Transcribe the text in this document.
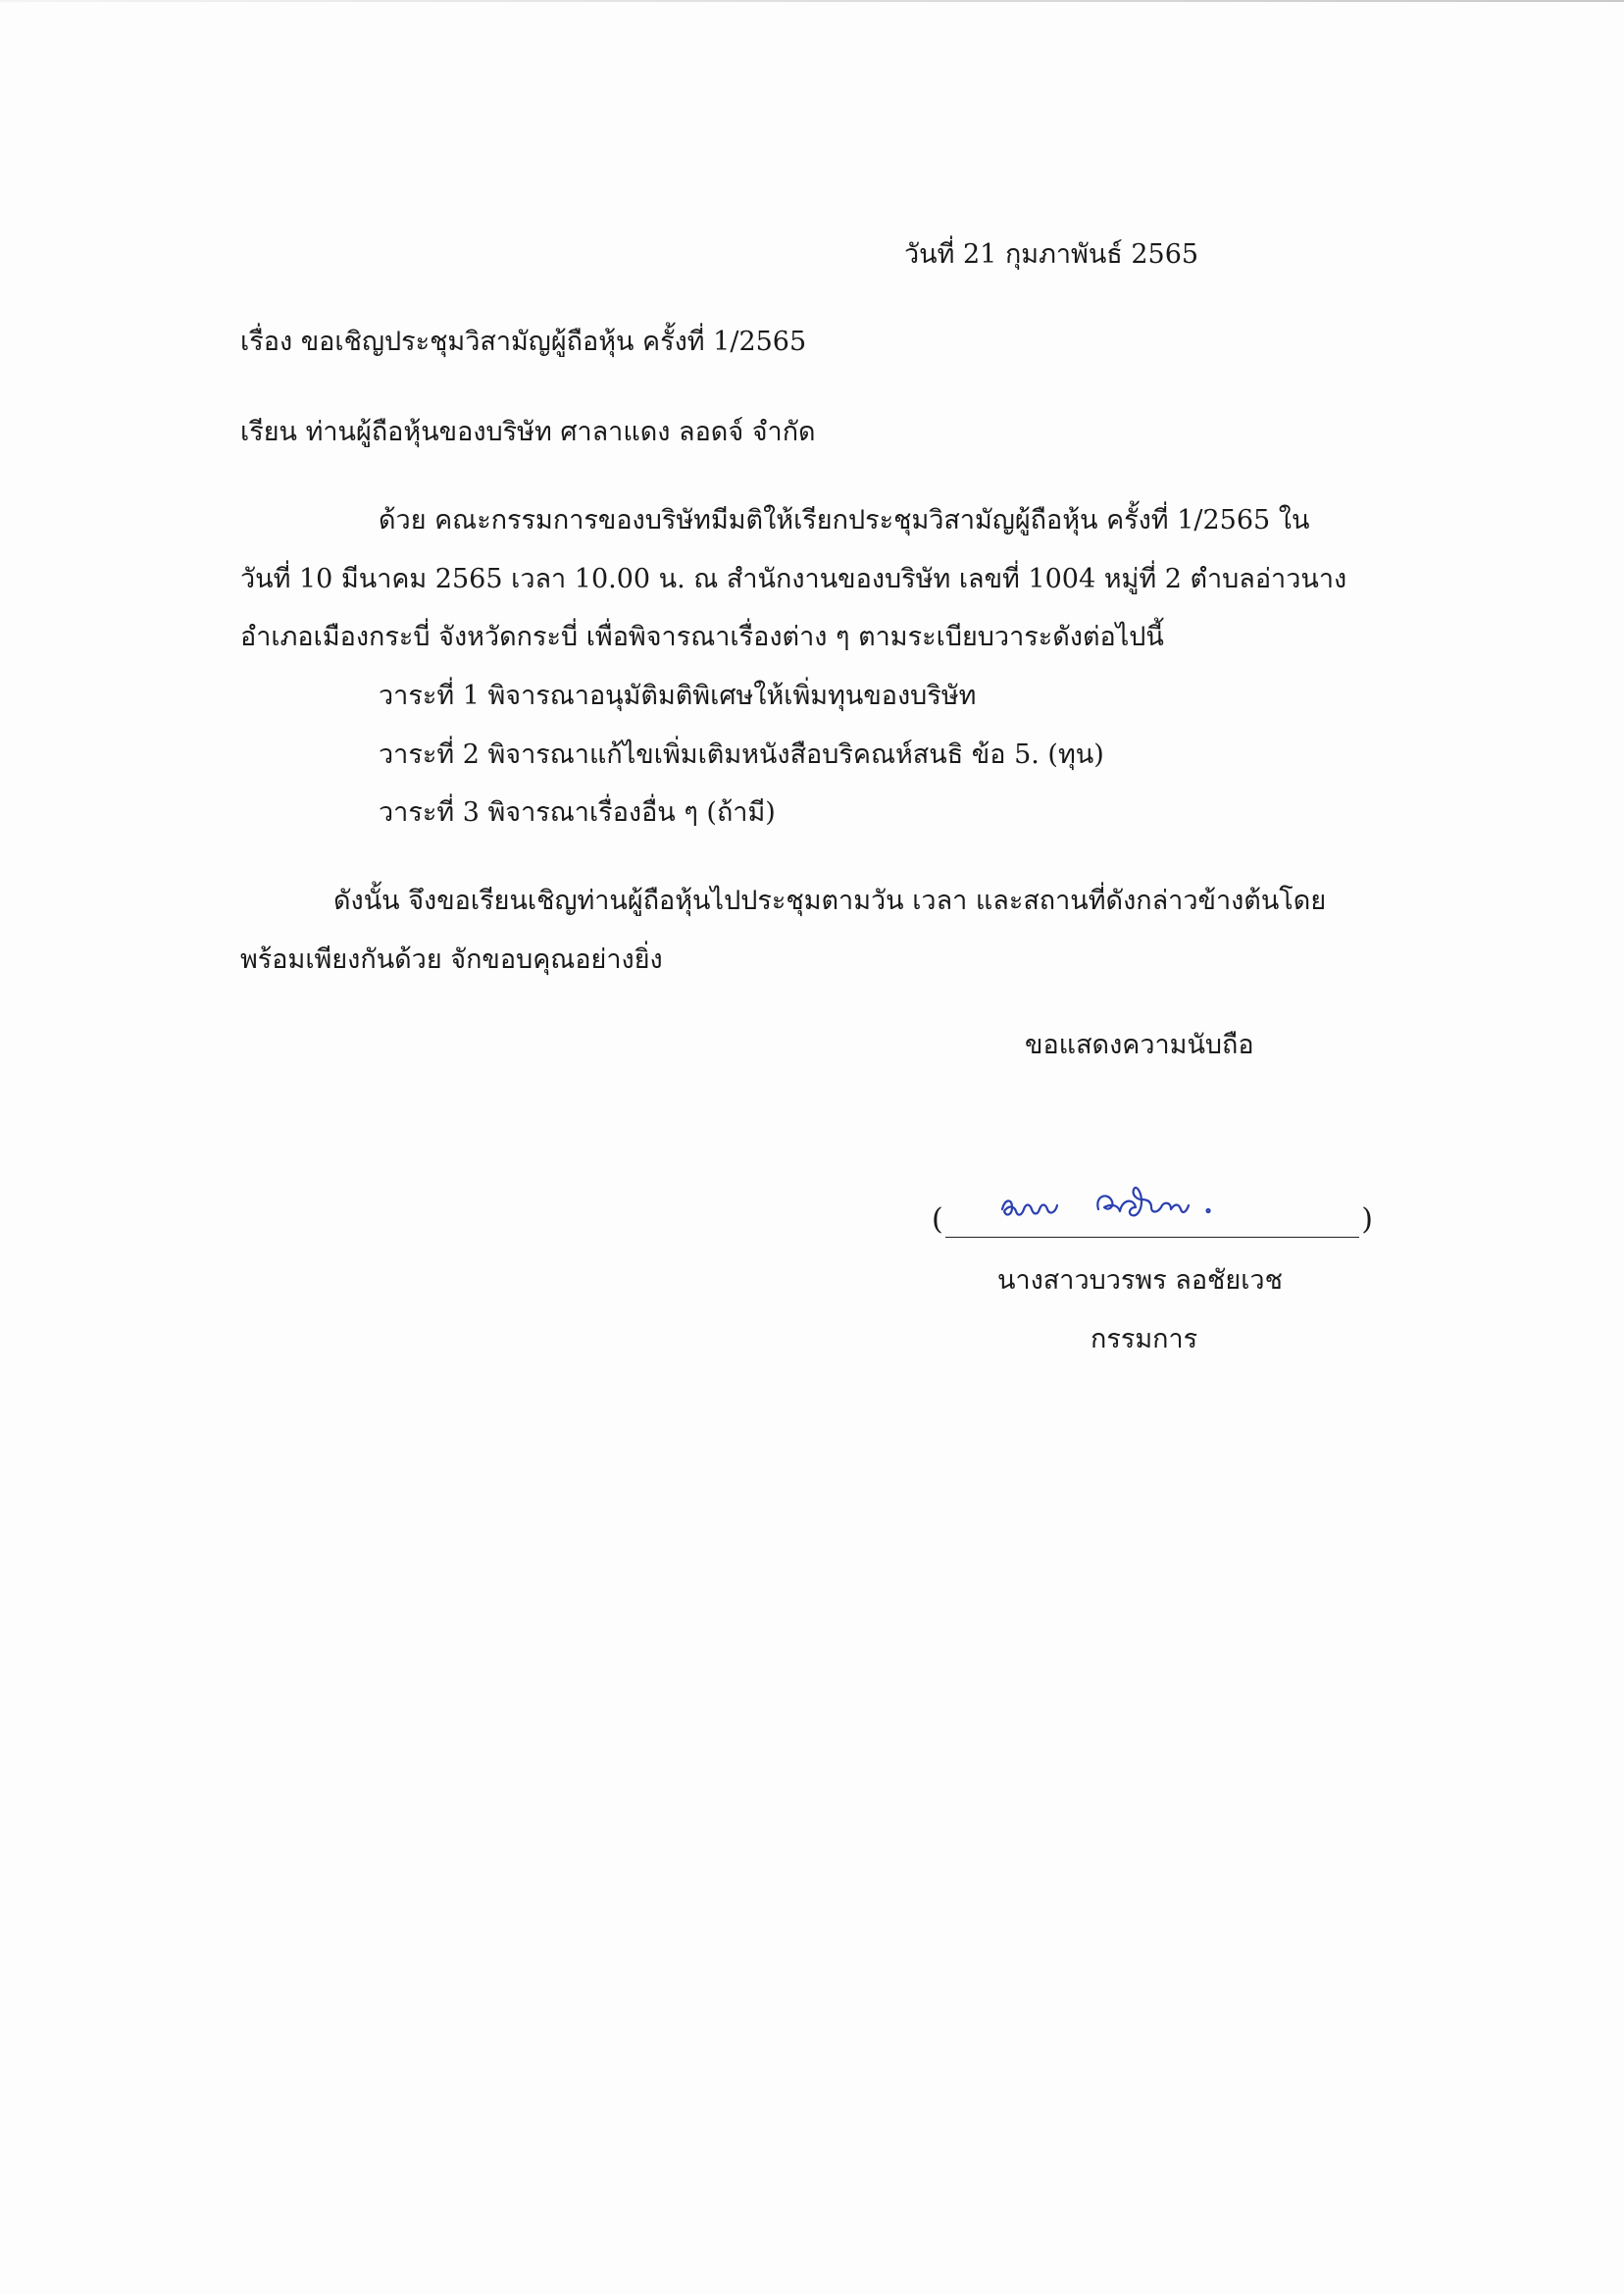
วันที่ 21 กุมภาพันธ์ 2565
เรื่อง ขอเชิญประชุมวิสามัญผู้ถือหุ้น ครั้งที่ 1/2565
เรียน ท่านผู้ถือหุ้นของบริษัท ศาลาแดง ลอดจ์ จำกัด
ด้วย คณะกรรมการของบริษัทมีมติให้เรียกประชุมวิสามัญผู้ถือหุ้น ครั้งที่ 1/2565 ใน
วันที่ 10 มีนาคม 2565 เวลา 10.00 น. ณ สำนักงานของบริษัท เลขที่ 1004 หมู่ที่ 2 ตำบลอ่าวนาง
อำเภอเมืองกระบี่ จังหวัดกระบี่ เพื่อพิจารณาเรื่องต่าง ๆ ตามระเบียบวาระดังต่อไปนี้
วาระที่ 1 พิจารณาอนุมัติมติพิเศษให้เพิ่มทุนของบริษัท
วาระที่ 2 พิจารณาแก้ไขเพิ่มเติมหนังสือบริคณห์สนธิ ข้อ 5. (ทุน)
วาระที่ 3 พิจารณาเรื่องอื่น ๆ (ถ้ามี)
ดังนั้น จึงขอเรียนเชิญท่านผู้ถือหุ้นไปประชุมตามวัน เวลา และสถานที่ดังกล่าวข้างต้นโดย
พร้อมเพียงกันด้วย จักขอบคุณอย่างยิ่ง
ขอแสดงความนับถือ
(	)
นางสาวบวรพร ลอชัยเวช
กรรมการ
